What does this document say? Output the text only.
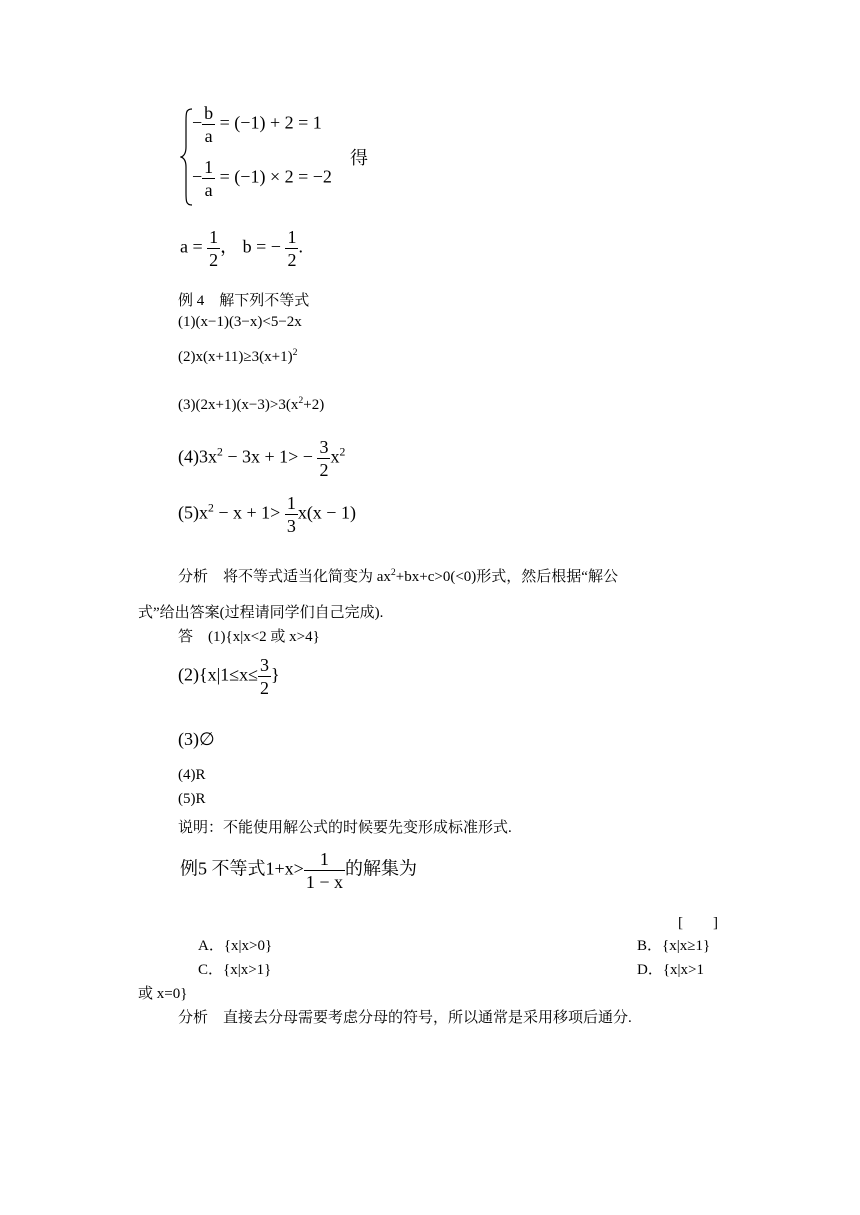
− $\frac{b}{a} = (-1) + 2 = 1$
得
− $\frac{1}{a} = (-1) \times 2 = -2$
$a = \frac{1}{2}$ ， b = − $\frac{1}{2}$ .
例 4　解下列不等式
(1)(x−1)(3−x)<5−2x
$(2)x(x+11)\ge 3(x+1)^2$
$(3)(2x+1)(x-3)>3(x^2+2)$
$(4)3x^2 - 3x + 1> - \frac{3}{2} x^2$
$(5)x^2 - x + 1> \frac{1}{3} x(x - 1)$
分析　将不等式适当化简变为 $ax^2+bx+c>0(<0)$形式，然后根据“解公
式”给出答案(过程请同学们自己完成).
答　(1){x|x<2 或 x>4}
$(2)\{x|1\le x\le \frac{3}{2}$ }
(3)∅
(4)R
(5)R
说明：不能使用解公式的时候要先变形成标准形式.
例5 不等式$1+x> \frac{1}{1 - x}$ 的解集为
[　　]
A．{x|x>0}	B．{x|x≥1}
C．{x|x>1}	D．{x|x>1
或 x=0}
分析　直接去分母需要考虑分母的符号，所以通常是采用移项后通分.
